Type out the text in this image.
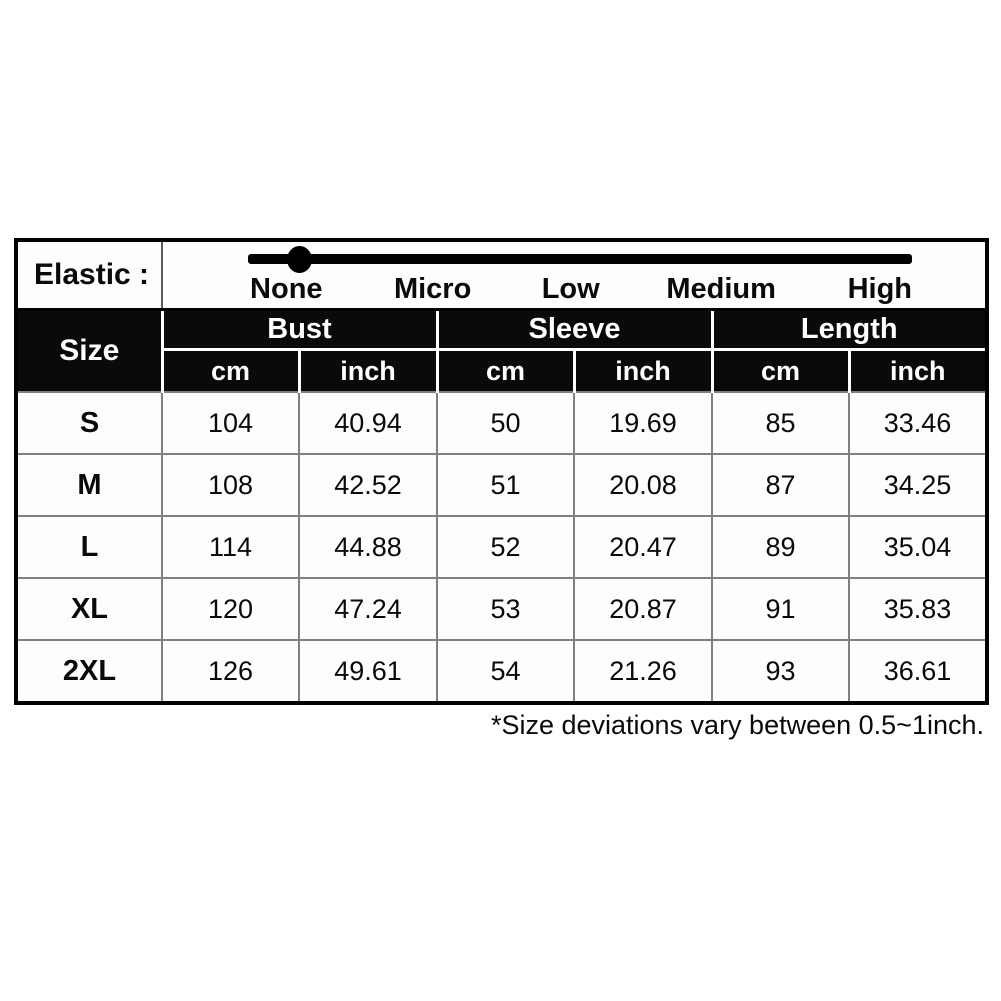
Elastic :	None Micro Low Medium High					

Size	Bust		Sleeve		Length	
	cm	inch	cm	inch	cm	inch
S	104	40.94	50	19.69	85	33.46
M	108	42.52	51	20.08	87	34.25
L	114	44.88	52	20.47	89	35.04
XL	120	47.24	53	20.87	91	35.83
2XL	126	49.61	54	21.26	93	36.61
*Size deviations vary between 0.5~1inch.
